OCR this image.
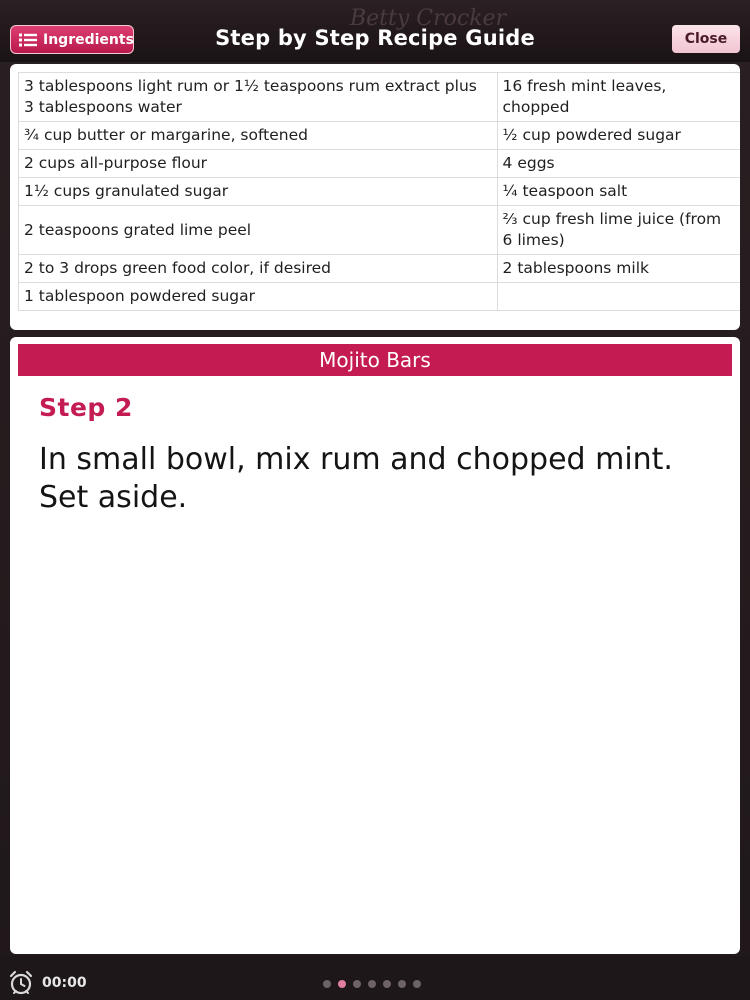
Betty Crocker
Ingredients	Step by Step Recipe Guide	Close
3 tablespoons light rum or 1½ teaspoons rum extract plus 3 tablespoons water	16 fresh mint leaves, chopped
¾ cup butter or margarine, softened	½ cup powdered sugar
2 cups all-purpose flour	4 eggs
1½ cups granulated sugar	¼ teaspoon salt
2 teaspoons grated lime peel	⅔ cup fresh lime juice (from 6 limes)
2 to 3 drops green food color, if desired	2 tablespoons milk
1 tablespoon powdered sugar	
Mojito Bars
Step 2
In small bowl, mix rum and chopped mint. Set aside.
00:00
